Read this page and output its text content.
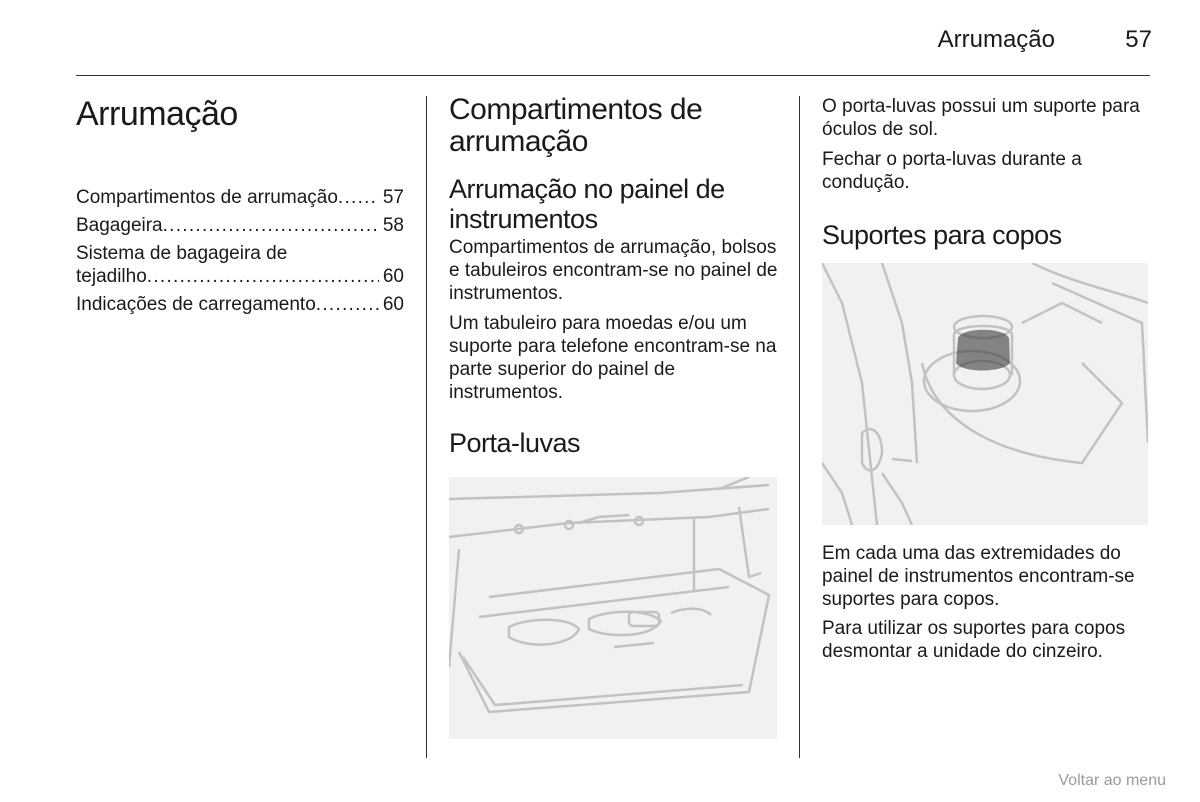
Arrumação	57
Arrumação
Compartimentos de arrumação . . . 57
Bagageira . . .	58
Sistema de bagageira de
tejadilho . . .	60
Indicações de carregamento . . .	60
Compartimentos de arrumação
Arrumação no painel de instrumentos

Compartimentos de arrumação, bolsos e tabuleiros encontram-se no painel de instrumentos.

Um tabuleiro para moedas e/ou um suporte para telefone encontram-se na parte superior do painel de instrumentos.

Porta-luvas

O porta-luvas possui um suporte para óculos de sol.

Fechar o porta-luvas durante a condução.

Suportes para copos

Em cada uma das extremidades do painel de instrumentos encontram-se suportes para copos.

Para utilizar os suportes para copos desmontar a unidade do cinzeiro.

Voltar ao menu
